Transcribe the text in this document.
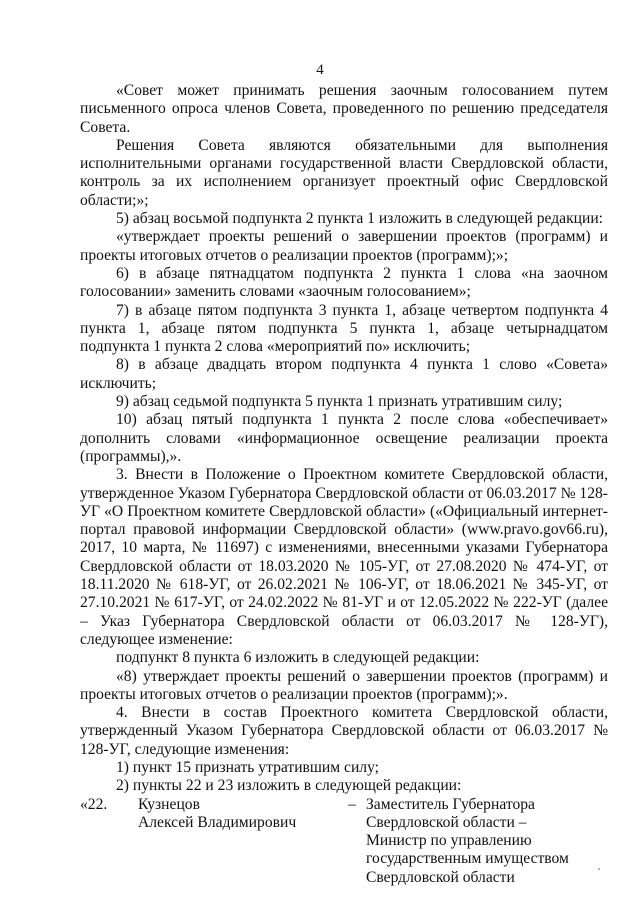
4

«Совет может принимать решения заочным голосованием путем письменного опроса членов Совета, проведенного по решению председателя Совета.

Решения Совета являются обязательными для выполнения исполнительными органами государственной власти Свердловской области, контроль за их исполнением организует проектный офис Свердловской области;»;

5) абзац восьмой подпункта 2 пункта 1 изложить в следующей редакции:

«утверждает проекты решений о завершении проектов (программ) и проекты итоговых отчетов о реализации проектов (программ);»;

6) в абзаце пятнадцатом подпункта 2 пункта 1 слова «на заочном голосовании» заменить словами «заочным голосованием»;

7) в абзаце пятом подпункта 3 пункта 1, абзаце четвертом подпункта 4 пункта 1, абзаце пятом подпункта 5 пункта 1, абзаце четырнадцатом подпункта 1 пункта 2 слова «мероприятий по» исключить;

8) в абзаце двадцать втором подпункта 4 пункта 1 слово «Совета» исключить;

9) абзац седьмой подпункта 5 пункта 1 признать утратившим силу;

10) абзац пятый подпункта 1 пункта 2 после слова «обеспечивает» дополнить словами «информационное освещение реализации проекта (программы),».

3. Внести в Положение о Проектном комитете Свердловской области, утвержденное Указом Губернатора Свердловской области от 06.03.2017 № 128-УГ «О Проектном комитете Свердловской области» («Официальный интернет-портал правовой информации Свердловской области» (www.pravo.gov66.ru), 2017, 10 марта, № 11697) с изменениями, внесенными указами Губернатора Свердловской области от 18.03.2020 № 105-УГ, от 27.08.2020 № 474-УГ, от 18.11.2020 № 618-УГ, от 26.02.2021 № 106-УГ, от 18.06.2021 № 345-УГ, от 27.10.2021 № 617-УГ, от 24.02.2022 № 81-УГ и от 12.05.2022 № 222-УГ (далее – Указ Губернатора Свердловской области от 06.03.2017 № 128-УГ), следующее изменение:

подпункт 8 пункта 6 изложить в следующей редакции:

«8) утверждает проекты решений о завершении проектов (программ) и проекты итоговых отчетов о реализации проектов (программ);».

4. Внести в состав Проектного комитета Свердловской области, утвержденный Указом Губернатора Свердловской области от 06.03.2017 № 128-УГ, следующие изменения:

1) пункт 15 признать утратившим силу;

2) пункты 22 и 23 изложить в следующей редакции:

«22.	Кузнецов
Алексей Владимирович
– Заместитель Губернатора
Свердловской области –
Министр по управлению
государственным имуществом
Свердловской области
